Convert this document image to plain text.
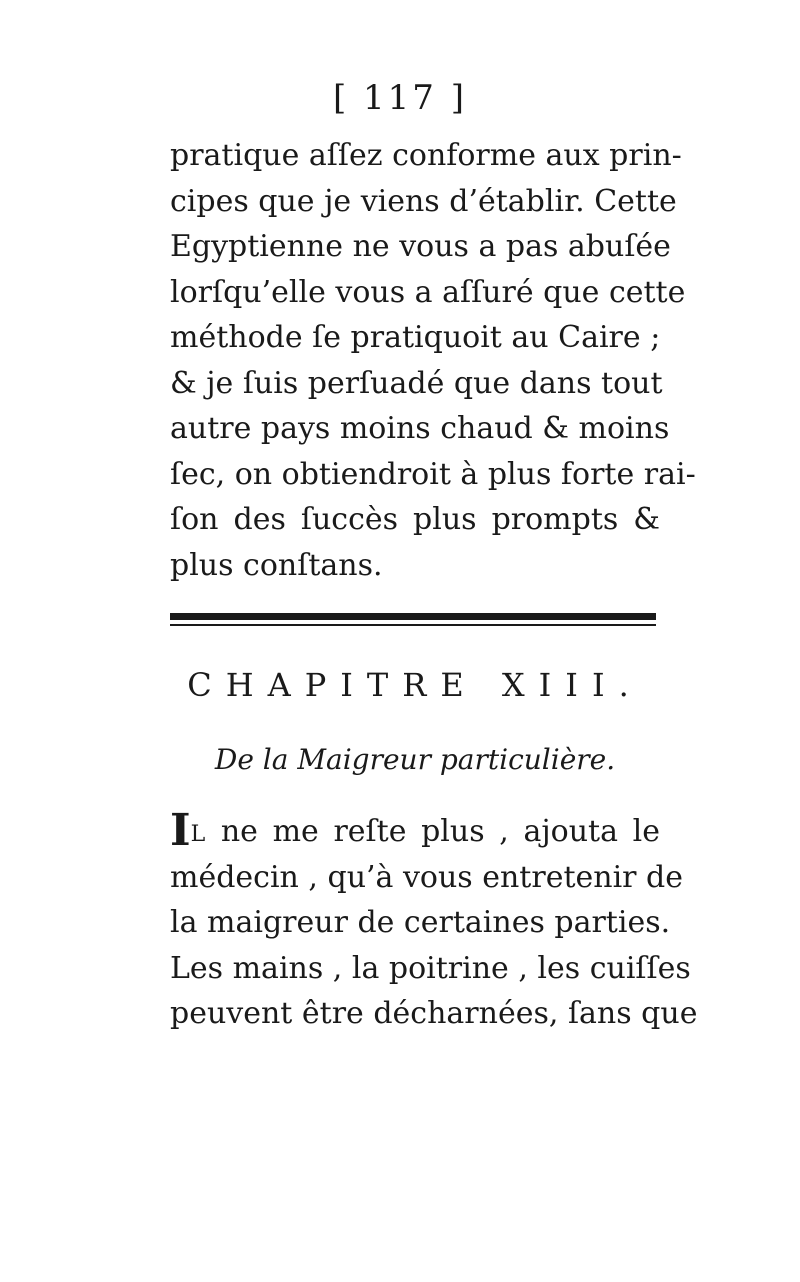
[ 117 ]
pratique aſſez conforme aux prin-
cipes que je viens d’établir. Cette
Egyptienne ne vous a pas abuſée
lorſqu’elle vous a aſſuré que cette
méthode ſe pratiquoit au Caire ;
& je ſuis perſuadé que dans tout
autre pays moins chaud & moins
ſec, on obtiendroit à plus forte rai-
ſon des ſuccès plus prompts &
plus conſtans.
CHAPITRE XIII.
De la Maigreur particulière.
IL ne me reſte plus , ajouta le
médecin , qu’à vous entretenir de
la maigreur de certaines parties.
Les mains , la poitrine , les cuiſſes
peuvent être décharnées, ſans que
